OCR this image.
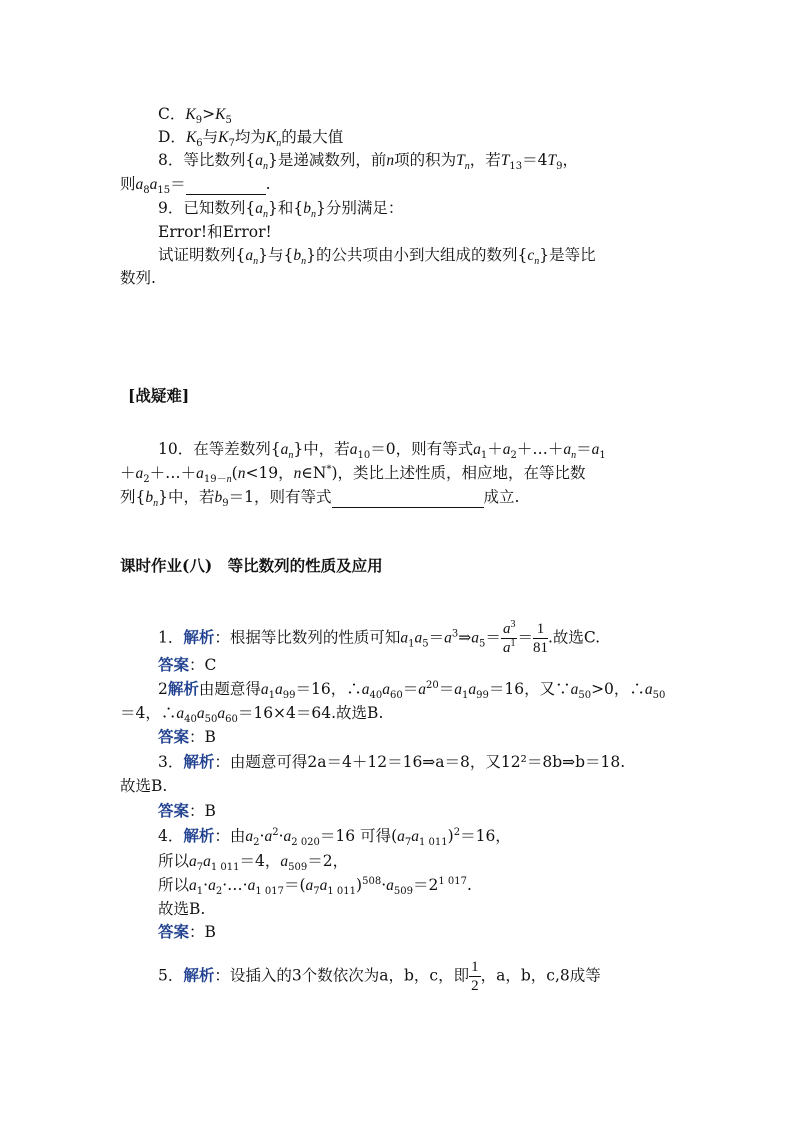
C．$K_9>K_5$
D．$K_6$与$K_7$均为$K_n$的最大值
8．等比数列$\{a_n\}$是递减数列，前n项的积为$T_n$，若$T_{13}=4T_9$，
则$a_8a_{15}=$	.
9．已知数列$\{a_n\}$和$\{b_n\}$分别满足：
Error!和Error!
试证明数列$\{a_n\}$与$\{b_n\}$的公共项由小到大组成的数列$\{c_n\}$是等比
数列.
[战疑难]
10．在等差数列$\{a_n\}$中，若$a_{10}=0$，则有等式$a_1+a_2+\dots+a_n=a_1$
$+a_2+\dots+a_{19-n}(n<19$，n∈N*)，类比上述性质，相应地，在等比数
列$\{b_n\}$中，若$b_9=1$，则有等式	成立.
课时作业(八)　等比数列的性质及应用
1．解析：根据等比数列的性质可知$a_1a_5=a^3\Rightarrow a_5= \frac{a^3}{a^1} = \frac{1}{81}$ .故选C.
答案：C
2解析由题意得$a_1a_{99}=16$，$\therefore a_{40}a_{60}=a^{20}=a_1a_{99}=16$，又$\because a_{50}>0$，$\therefore a_{50}$
＝4，$\therefore a_{40}a_{50}a_{60}=16\times 4=64$.故选B.
答案：B
3．解析：由题意可得2a＝4＋12＝16⇒a＝8，又12²＝8b⇒b＝18.
故选B.
答案：B
4．解析：由$a_2\cdot a^2\cdot a_{2 020}=16$ 可得$(a_7a_{1 011})^2=16$，
所以$a_7a_{1 011}=4$，$a_{509}=2$，
所以$a_1\cdot a_2\cdot\dots\cdot a_{1 017}=(a_7a_{1 011})^{508}\cdot a_{509}=2^{1 017}$.
故选B.
答案：B
5．解析：设插入的3个数依次为a，b，c，即 $\frac{1}{2}$ ，a，b，c,8成等
